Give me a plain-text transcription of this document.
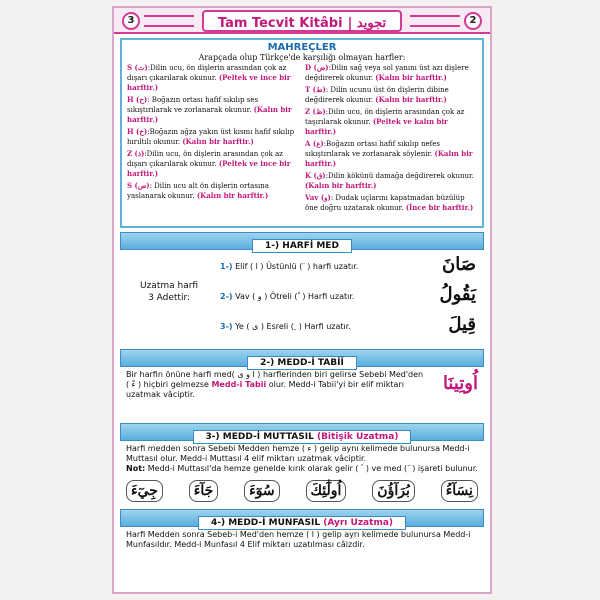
3	Tam Tecvit Kitâbi | تجويد	2
MAHREÇLER
Arapçada olup Türkçe'de karşılığı olmayan harfler:

S (ث):Dilin ucu, ön dişlerin arasından çok az dışarı çıkarılarak okunur. (Peltek ve ince bir harftir.)

H (ح): Boğazın ortası hafif sıkılıp ses sıkıştırılarak ve zorlanarak okunur. (Kalın bir harftir.)

H (خ):Boğazın ağza yakın üst kısmı hafif sıkılıp hırıltılı okunur. (Kalın bir harftir.)

Z (ذ):Dilin ucu, ön dişlerin arasından çok az dışarı çıkarılarak okunur. (Peltek ve ince bir harftir.)

S (ص): Dilin ucu alt ön dişlerin ortasına yaslanarak okunur. (Kalın bir harftir.)

D (ض):Dilin sağ veya sol yanını üst azı dişlere değdirerek okunur. (Kalın bir harftir.)

T (ط): Dilin ucunu üst ön dişlerin dibine değdirerek okunur. (Kalın bir harftir.)

Z (ظ):Dilin ucu, ön dişlerin arasından çok az taşırılarak okunur. (Peltek ve kalın bir harftir.)

A (ع):Boğazın ortası hafif sıkılıp nefes sıkıştırılarak ve zorlanarak söylenir. (Kalın bir harftir.)

K (ق):Dilin kökünü damağa değdirerek okunur. (Kalın bir harftir.)

Vav (و): Dudak uçlarını kapatmadan büzülüp öne doğru uzatarak okunur. (İnce bir harftir.)

1-) HARFİ MED
Uzatma harfi
3 Adettir:
1-) Elif ( ا ) Üstünlü ( َ ) harfi uzatır.	صَانَ
2-) Vav ( و ) Ötreli ( ُ ) Harfi uzatır.	يَقُولُ
3-) Ye ( ى ) Esreli ( ِ ) Harfi uzatır.	قِيلَ
2-) MEDD-İ TABİÎ
Bir harfin önüne harfi med( ا و ى ) harflerinden biri gelirse Sebebi Med'den ( ءْ ) hiçbiri gelmezse Medd-i Tabii olur. Medd-i Tabii'yi bir elif miktarı uzatmak vâciptir.
اُوتِينَا
3-) MEDD-İ MUTTASIL (Bitişik Uzatma)
Harfi medden sonra Sebebi Medden hemze ( ء ) gelip aynı kelimede bulunursa Medd-i Muttasıl olur. Medd-i Muttasıl 4 elif miktarı uzatmak vâciptir.
Not: Medd-i Muttasıl'da hemze genelde kırık olarak gelir ( ٴ ) ve med ( ٓ ) işareti bulunur.
جِيٓءَ	جَآءَ	سُوٓءَ	اُولٰٓئِكَ	بُرَآؤُنَ	نِسَآءُ
4-) MEDD-İ MUNFASIL (Ayrı Uzatma)
Harfi Medden sonra Sebeb-i Med'den hemze ( ا ) gelip ayrı kelimede bulunursa Medd-i Munfasıldır. Medd-i Munfasıl 4 Elif miktarı uzatılması câizdir.
